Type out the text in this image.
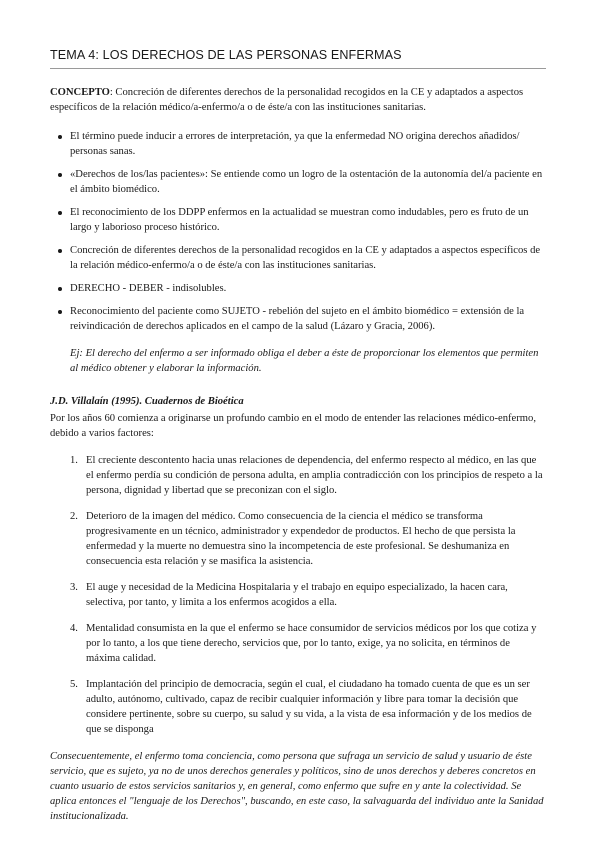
TEMA 4: LOS DERECHOS DE LAS PERSONAS ENFERMAS

CONCEPTO: Concreción de diferentes derechos de la personalidad recogidos en la CE y adaptados a aspectos específicos de la relación médico/a-enfermo/a o de éste/a con las instituciones sanitarias.

El término puede inducir a errores de interpretación, ya que la enfermedad NO origina derechos añadidos/ personas sanas.
«Derechos de los/las pacientes»: Se entiende como un logro de la ostentación de la autonomía del/a paciente en el ámbito biomédico.
El reconocimiento de los DDPP enfermos en la actualidad se muestran como indudables, pero es fruto de un largo y laborioso proceso histórico.
Concreción de diferentes derechos de la personalidad recogidos en la CE y adaptados a aspectos específicos de la relación médico-enfermo/a o de éste/a con las instituciones sanitarias.
DERECHO - DEBER - indisolubles.
Reconocimiento del paciente como SUJETO - rebelión del sujeto en el ámbito biomédico = extensión de la reivindicación de derechos aplicados en el campo de la salud (Lázaro y Gracia, 2006).

Ej: El derecho del enfermo a ser informado obliga el deber a éste de proporcionar los elementos que permiten al médico obtener y elaborar la información.

J.D. Villalaín (1995). Cuadernos de Bioética

Por los años 60 comienza a originarse un profundo cambio en el modo de entender las relaciones médico-enfermo, debido a varios factores:

1. El creciente descontento hacia unas relaciones de dependencia, del enfermo respecto al médico, en las que el enfermo perdía su condición de persona adulta, en amplia contradicción con los principios de respeto a la persona, dignidad y libertad que se preconizan con el siglo.
2. Deterioro de la imagen del médico. Como consecuencia de la ciencia el médico se transforma progresivamente en un técnico, administrador y expendedor de productos. El hecho de que persista la enfermedad y la muerte no demuestra sino la incompetencia de este profesional. Se deshumaniza en consecuencia esta relación y se masifica la asistencia.
3. El auge y necesidad de la Medicina Hospitalaria y el trabajo en equipo especializado, la hacen cara, selectiva, por tanto, y limita a los enfermos acogidos a ella.
4. Mentalidad consumista en la que el enfermo se hace consumidor de servicios médicos por los que cotiza y por lo tanto, a los que tiene derecho, servicios que, por lo tanto, exige, ya no solicita, en términos de máxima calidad.
5. Implantación del principio de democracia, según el cual, el ciudadano ha tomado cuenta de que es un ser adulto, autónomo, cultivado, capaz de recibir cualquier información y libre para tomar la decisión que considere pertinente, sobre su cuerpo, su salud y su vida, a la vista de esa información y de los medios de que se disponga

Consecuentemente, el enfermo toma conciencia, como persona que sufraga un servicio de salud y usuario de éste servicio, que es sujeto, ya no de unos derechos generales y políticos, sino de unos derechos y deberes concretos en cuanto usuario de estos servicios sanitarios y, en general, como enfermo que sufre en y ante la colectividad. Se aplica entonces el "lenguaje de los Derechos", buscando, en este caso, la salvaguarda del individuo ante la Sanidad institucionalizada.
